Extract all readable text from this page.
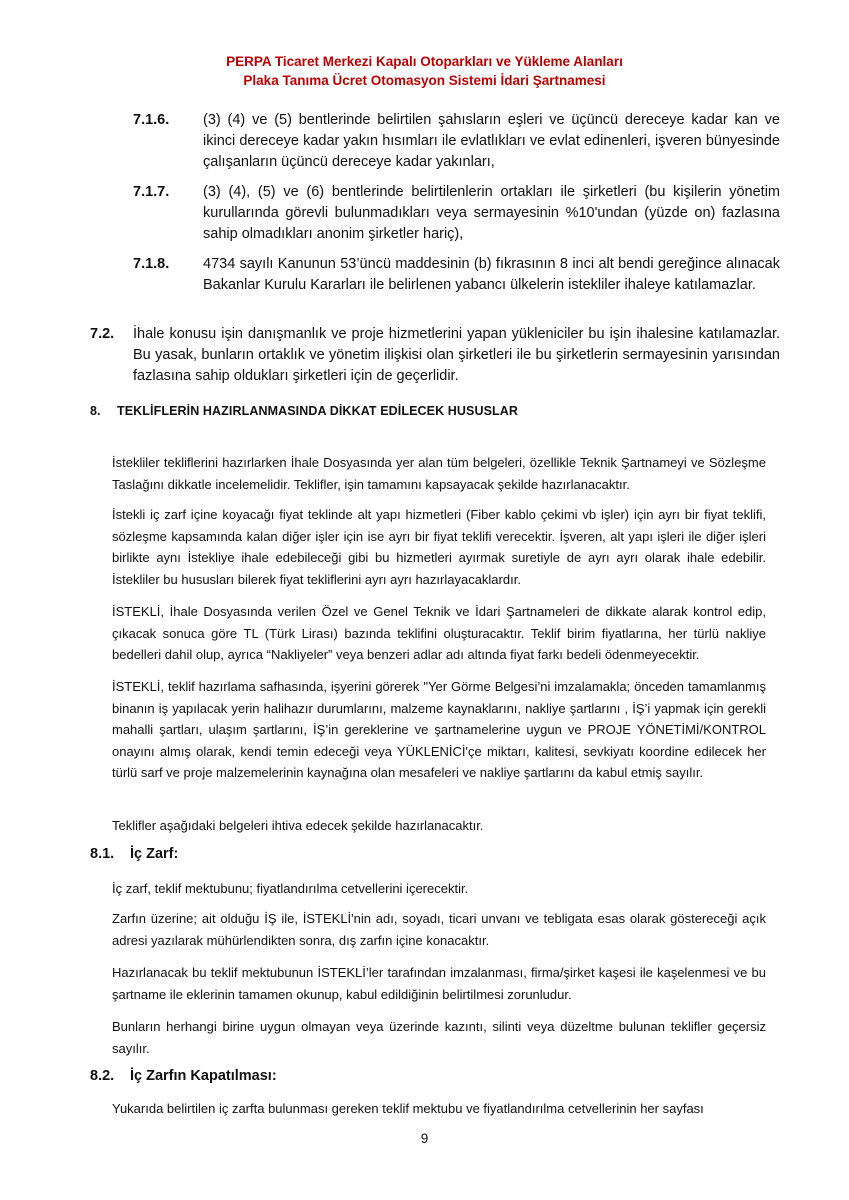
PERPA Ticaret Merkezi Kapalı Otoparkları ve Yükleme Alanları
Plaka Tanıma Ücret Otomasyon Sistemi İdari Şartnamesi
7.1.6. (3) (4) ve (5) bentlerinde belirtilen şahısların eşleri ve üçüncü dereceye kadar kan ve ikinci dereceye kadar yakın hısımları ile evlatlıkları ve evlat edinenleri, işveren bünyesinde çalışanların üçüncü dereceye kadar yakınları,
7.1.7. (3) (4), (5) ve (6) bentlerinde belirtilenlerin ortakları ile şirketleri (bu kişilerin yönetim kurullarında görevli bulunmadıkları veya sermayesinin %10'undan (yüzde on) fazlasına sahip olmadıkları anonim şirketler hariç),
7.1.8. 4734 sayılı Kanunun 53’üncü maddesinin (b) fıkrasının 8 inci alt bendi gereğince alınacak Bakanlar Kurulu Kararları ile belirlenen yabancı ülkelerin istekliler ihaleye katılamazlar.
7.2. İhale konusu işin danışmanlık ve proje hizmetlerini yapan yükleniciler bu işin ihalesine katılamazlar. Bu yasak, bunların ortaklık ve yönetim ilişkisi olan şirketleri ile bu şirketlerin sermayesinin yarısından fazlasına sahip oldukları şirketleri için de geçerlidir.
8. TEKLİFLERİN HAZIRLANMASINDA DİKKAT EDİLECEK HUSUSLAR

İstekliler tekliflerini hazırlarken İhale Dosyasında yer alan tüm belgeleri, özellikle Teknik Şartnameyi ve Sözleşme Taslağını dikkatle incelemelidir. Teklifler, işin tamamını kapsayacak şekilde hazırlanacaktır.

İstekli iç zarf içine koyacağı fiyat teklinde alt yapı hizmetleri (Fiber kablo çekimi vb işler) için ayrı bir fiyat teklifi, sözleşme kapsamında kalan diğer işler için ise ayrı bir fiyat teklifi verecektir. İşveren, alt yapı işleri ile diğer işleri birlikte aynı İstekliye ihale edebileceği gibi bu hizmetleri ayırmak suretiyle de ayrı ayrı olarak ihale edebilir. İstekliler bu hususları bilerek fiyat tekliflerini ayrı ayrı hazırlayacaklardır.

İSTEKLİ, İhale Dosyasında verilen Özel ve Genel Teknik ve İdari Şartnameleri de dikkate alarak kontrol edip, çıkacak sonuca göre TL (Türk Lirası) bazında teklifini oluşturacaktır. Teklif birim fiyatlarına, her türlü nakliye bedelleri dahil olup, ayrıca “Nakliyeler” veya benzeri adlar adı altında fiyat farkı bedeli ödenmeyecektir.

İSTEKLİ, teklif hazırlama safhasında, işyerini görerek "Yer Görme Belgesi’ni imzalamakla; önceden tamamlanmış binanın iş yapılacak yerin halihazır durumlarını, malzeme kaynaklarını, nakliye şartlarını , İŞ’i yapmak için gerekli mahalli şartları, ulaşım şartlarını, İŞ’in gereklerine ve şartnamelerine uygun ve PROJE YÖNETİMİ/KONTROL onayını almış olarak, kendi temin edeceği veya YÜKLENİCİ'çe miktarı, kalitesi, sevkiyatı koordine edilecek her türlü sarf ve proje malzemelerinin kaynağına olan mesafeleri ve nakliye şartlarını da kabul etmiş sayılır.

Teklifler aşağıdaki belgeleri ihtiva edecek şekilde hazırlanacaktır.

8.1. İç Zarf:

İç zarf, teklif mektubunu; fiyatlandırılma cetvellerini içerecektir.

Zarfın üzerine; ait olduğu İŞ ile, İSTEKLİ'nin adı, soyadı, ticari unvanı ve tebligata esas olarak göstereceği açık adresi yazılarak mühürlendikten sonra, dış zarfın içine konacaktır.

Hazırlanacak bu teklif mektubunun İSTEKLİ’ler tarafından imzalanması, firma/şirket kaşesi ile kaşelenmesi ve bu şartname ile eklerinin tamamen okunup, kabul edildiğinin belirtilmesi zorunludur.

Bunların herhangi birine uygun olmayan veya üzerinde kazıntı, silinti veya düzeltme bulunan teklifler geçersiz sayılır.

8.2. İç Zarfın Kapatılması:

Yukarıda belirtilen iç zarfta bulunması gereken teklif mektubu ve fiyatlandırılma cetvellerinin her sayfası

9
